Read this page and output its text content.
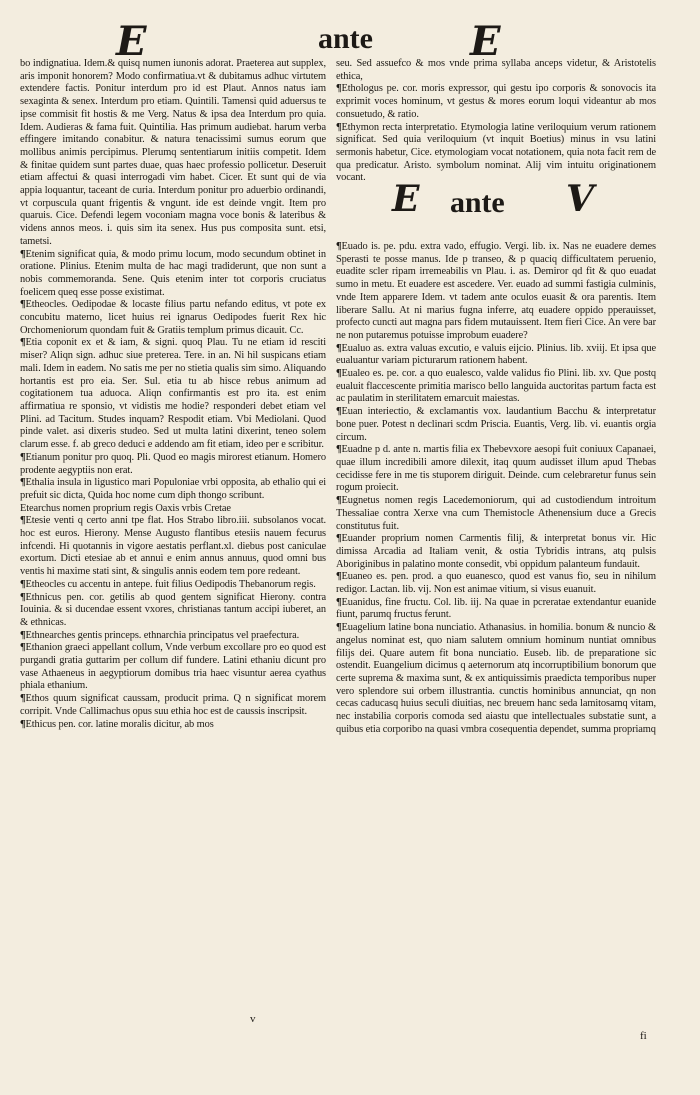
E	ante E

bo indignatiua. Idem.& quisq numen iunonis adorat. Praeterea aut supplex, aris imponit honorem? Modo confirmatiua.vt & dubitamus adhuc virtutem extendere factis. Ponitur interdum pro id est Plaut. Annos natus iam sexaginta & senex. Interdum pro etiam. Quintili. Tamensi quid aduersus te ipse commisit fit hostis & me Verg. Natus & ipsa dea Interdum pro quia. Idem. Audieras & fama fuit. Quintilia. Has primum audiebat. harum verba effingere imitando conabitur. & natura tenacissimi sumus eorum que mollibus animis percipimus. Plerumq sententiarum initiis competit. Idem & finitae quidem sunt partes duae, quas haec professio pollicetur. Deseruit etiam affectui & quasi interrogadi vim habet. Cicer. Et sunt qui de via appia loquantur, taceant de curia. Interdum ponitur pro aduerbio ordinandi, vt corpuscula quant frigentis & vngunt. ide est deinde vngit. Item pro quaruis. Cice. Defendi legem voconiam magna voce bonis & lateribus & videns annos meos. i. quis sim ita senex. Hus pus composita sunt. etsi, tametsi.

¶Etenim significat quia, & modo primu locum, modo secundum obtinet in oratione. Plinius. Etenim multa de hac magi tradiderunt, que non sunt a nobis commemoranda. Sene. Quis etenim inter tot corporis cruciatus foelicem queq esse posse existimat.

¶Etheocles. Oedipodae & locaste filius partu nefando editus, vt pote ex concubitu materno, licet huius rei ignarus Oedipodes fuerit Rex hic Orchomeniorum quondam fuit & Gratiis templum primus dicauit. Cc.

¶Etia coponit ex et & iam, & signi. quoq Plau. Tu ne etiam id resciti miser? Aliqn sign. adhuc siue preterea. Tere. in an. Ni hil suspicans etiam mali. Idem in eadem. No satis me per no stietia qualis sim simo. Aliquando hortantis est pro eia. Ser. Sul. etia tu ab hisce rebus animum ad cogitationem tua aduoca. Aliqn confirmantis est pro ita. est enim affirmatiua re sponsio, vt vidistis me hodie? responderi debet etiam vel Plini. ad Tacitum. Studes inquam? Respodit etiam. Vbi Mediolani. Quod pinde valet. asi dixeris studeo. Sed ut multa latini dixerint, teneo solem clarum esse. f. ab greco deduci e addendo am fit etiam, ideo per e scribitur.

¶Etianum ponitur pro quoq. Pli. Quod eo magis mirorest etianum. Homero prodente aegyptiis non erat.

¶Ethalia insula in ligustico mari Populoniae vrbi opposita, ab ethalio qui ei prefuit sic dicta, Quida hoc nome cum diph thongo scribunt.

Etearchus nomen proprium regis Oaxis vrbis Cretae

¶Etesie venti q certo anni tpe flat. Hos Strabo libro.iii. subsolanos vocat. hoc est euros. Hierony. Mense Augusto flantibus etesiis nauem fecurus infcendi. Hi quotannis in vigore aestatis perflant.xl. diebus post caniculae exortum. Dicti etesiae ab et annui e enim annus annuus, quod omni bus ventis hi maxime stati sint, & singulis annis eodem tem pore redeant.

¶Etheocles cu accentu in antepe. fuit filius Oedipodis Thebanorum regis.

¶Ethnicus pen. cor. getilis ab quod gentem significat Hierony. contra Iouinia. & si ducendae essent vxores, christianas tantum accipi iuberet, an & ethnicas.

¶Ethnearches gentis princeps. ethnarchia principatus vel praefectura.

¶Ethanion graeci appellant collum, Vnde verbum excollare pro eo quod est purgandi gratia guttarim per collum dif fundere. Latini ethaniu dicunt pro vase Athaeneus in aegyptiorum domibus tria haec visuntur aerea cyathus phiala ethanium.

¶Ethos quum significat caussam, producit prima. Q n significat morem corripit. Vnde Callimachus opus suu ethia hoc est de caussis inscripsit.

¶Ethicus pen. cor. latine moralis dicitur, ab mos

seu. Sed assuefco & mos vnde prima syllaba anceps videtur, & Aristotelis ethica,

¶Ethologus pe. cor. moris expressor, qui gestu ipo corporis & sonovocis ita exprimit voces hominum, vt gestus & mores eorum loqui videantur ab mos consuetudo, & ratio.

¶Ethymon recta interpretatio. Etymologia latine veriloquium verum rationem significat. Sed quia veriloquium (vt inquit Boetius) minus in vsu latini sermonis habetur, Cice. etymologiam vocat notationem, quia nota facit rem de qua predicatur. Aristo. symbolum nominat. Alij vim intuitu originationem vocant.

E ante V

¶Euado is. pe. pdu. extra vado, effugio. Vergi. lib. ix. Nas ne euadere demes Sperasti te posse manus. Ide p transeo, & p quaciq difficultatem peruenio, euadite scler ripam irremeabilis vn Plau. i. as. Demiror qd fit & quo euadat sumo in metu. Et euadere est ascedere. Ver. euado ad summi fastigia culminis, vnde Item apparere Idem. vt tadem ante oculos euasit & ora parentis. Item liberare Sallu. At ni marius fugna inferre, atq euadere oppido pperauisset, profecto cuncti aut magna pars fidem mutauissent. Item fieri Cice. An vere bar ne non putaremus potuisse improbum euadere?

¶Eualuo as. extra valuas excutio, e valuis eijcio. Plinius. lib. xviij. Et ipsa que eualuantur variam picturarum rationem habent.

¶Eualeo es. pe. cor. a quo eualesco, valde validus fio Plini. lib. xv. Que postq eualuit flaccescente primitia marisco bello languida auctoritas partum facta est ac paulatim in sterilitatem emarcuit maiestas.

¶Euan interiectio, & exclamantis vox. laudantium Bacchu & interpretatur bone puer. Potest n declinari scdm Priscia. Euantis, Verg. lib. vi. euantis orgia circum.

¶Euadne p d. ante n. martis filia ex Thebevxore aesopi fuit coniuux Capanaei, quae illum incredibili amore dilexit, itaq quum audisset illum apud Thebas cecidisse fere in me tis stuporem diriguit. Deinde. cum celebraretur funus sein rogum proiecit.

¶Eugnetus nomen regis Lacedemoniorum, qui ad custodiendum introitum Thessaliae contra Xerxe vna cum Themistocle Athenensium duce a Grecis constitutus fuit.

¶Euander proprium nomen Carmentis filij, & interpretat bonus vir. Hic dimissa Arcadia ad Italiam venit, & ostia Tybridis intrans, atq pulsis Aboriginibus in palatino monte consedit, vbi oppidum palanteum fundauit.

¶Euaneo es. pen. prod. a quo euanesco, quod est vanus fio, seu in nihilum redigor. Lactan. lib. vij. Non est animae vitium, si visus euanuit.

¶Euanidus, fine fructu. Col. lib. iij. Na quae in pcreratae extendantur euanide fiunt, parumq fructus ferunt.

¶Euagelium latine bona nunciatio. Athanasius. in homilia. bonum & nuncio & angelus nominat est, quo niam salutem omnium hominum nuntiat omnibus filijs dei. Quare autem fit bona nunciatio. Euseb. lib. de preparatione sic ostendit. Euangelium dicimus q aeternorum atq incorruptibilium bonorum que certe suprema & maxima sunt, & ex antiquissimis praedicta temporibus nuper vero splendore sui orbem illustrantia. cunctis hominibus annunciat, qn non cecas caducasq huius seculi diuitias, nec breuem hanc seda lamitosamq vitam, nec instabilia corporis comoda sed aiastu que intellectuales substatie sunt, a quibus etia corporibo na quasi vmbra cosequentia dependet, summa propriamq

v
fi
